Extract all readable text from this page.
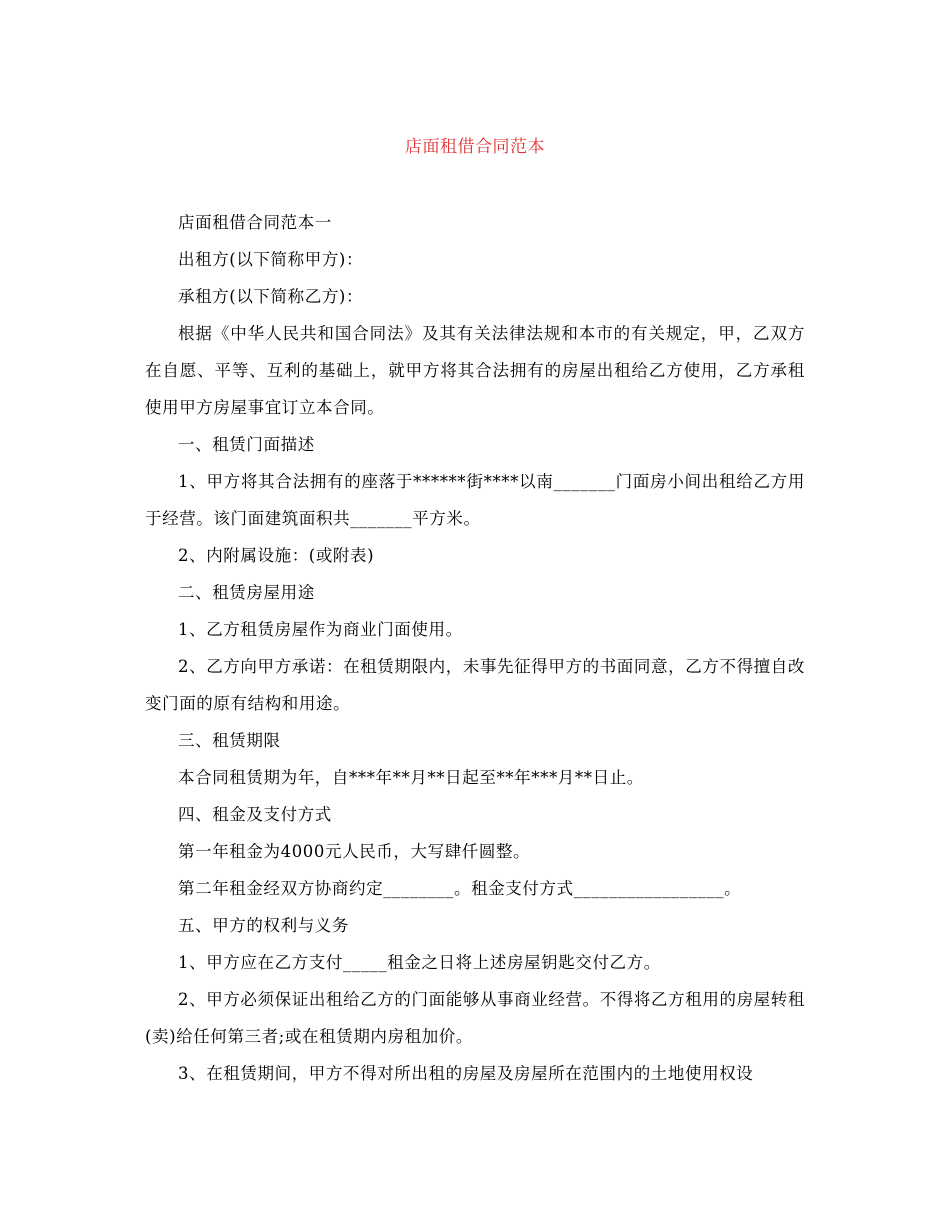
店面租借合同范本

店面租借合同范本一

出租方(以下简称甲方)：

承租方(以下简称乙方)：

根据《中华人民共和国合同法》及其有关法律法规和本市的有关规定，甲，乙双方在自愿、平等、互利的基础上，就甲方将其合法拥有的房屋出租给乙方使用，乙方承租使用甲方房屋事宜订立本合同。

一、租赁门面描述

1、甲方将其合法拥有的座落于******街****以南_______门面房小间出租给乙方用于经营。该门面建筑面积共_______平方米。

2、内附属设施：(或附表)

二、租赁房屋用途

1、乙方租赁房屋作为商业门面使用。

2、乙方向甲方承诺：在租赁期限内，未事先征得甲方的书面同意，乙方不得擅自改变门面的原有结构和用途。

三、租赁期限

本合同租赁期为年，自***年**月**日起至**年***月**日止。

四、租金及支付方式

第一年租金为4000元人民币，大写肆仟圆整。

第二年租金经双方协商约定________。租金支付方式_________________。

五、甲方的权利与义务

1、甲方应在乙方支付_____租金之日将上述房屋钥匙交付乙方。

2、甲方必须保证出租给乙方的门面能够从事商业经营。不得将乙方租用的房屋转租(卖)给任何第三者;或在租赁期内房租加价。

3、在租赁期间，甲方不得对所出租的房屋及房屋所在范围内的土地使用权设
